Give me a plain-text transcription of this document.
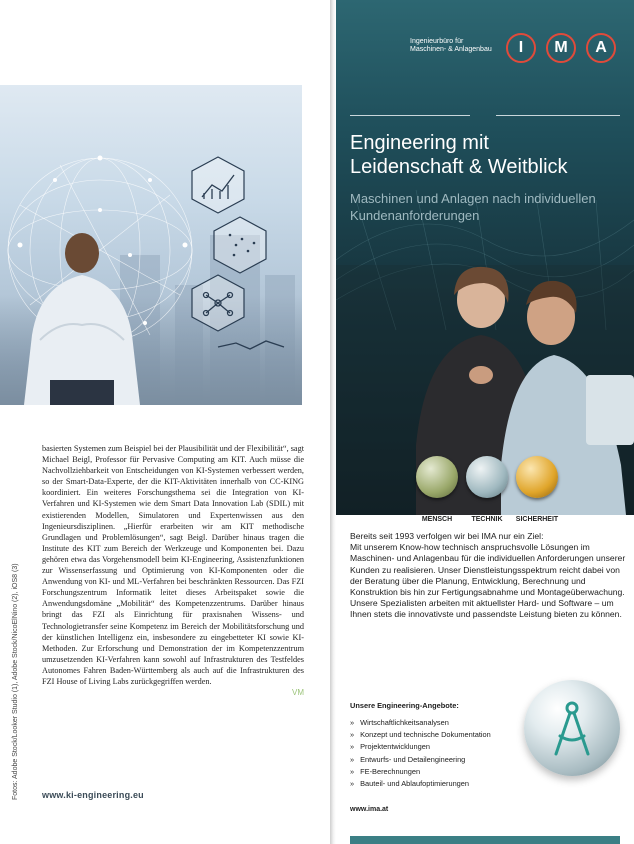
basierten Systemen zum Beispiel bei der Plausibilität und der Flexibilität“, sagt Michael Beigl, Professor für Pervasive Computing am KIT. Auch müsse die Nachvollziehbarkeit von Entscheidungen von KI-Systemen verbessert werden, so der Smart-Data-Experte, der die KIT-Aktivitäten innerhalb von CC-KING koordiniert. Ein weiteres Forschungsthema sei die Integration von KI-Verfahren und KI-Systemen wie dem Smart Data Innovation Lab (SDIL) mit existierenden Modellen, Simulatoren und Expertenwissen aus den Ingenieursdisziplinen. „Hierfür erarbeiten wir am KIT methodische Grundlagen und Problemlösungen“, sagt Beigl. Darüber hinaus tragen die Institute des KIT zum Bereich der Werkzeuge und Komponenten bei. Dazu gehören etwa das Vorgehensmodell beim KI-Engineering, Assistenzfunktionen zur Wissenserfassung und Optimierung von KI-Komponenten oder die Anwendung von KI- und ML-Verfahren bei beschränkten Ressourcen. Das FZI Forschungszentrum Informatik leitet dieses Arbeitspaket sowie die Anwendungsdomäne „Mobilität“ des Kompetenzzentrums. Darüber hinaus bringt das FZI als Einrichtung für praxisnahen Wissens- und Technologietransfer seine Kompetenz im Bereich der Mobilitätsforschung und der künstlichen Intelligenz ein, insbesondere zu eingebetteter KI sowie KI-Methoden. Zur Erforschung und Demonstration der im Kompetenzzentrum umzusetzenden KI-Verfahren kann sowohl auf Infrastrukturen des Testfeldes Autonomes Fahren Baden-Württemberg als auch auf die Infrastrukturen des FZI House of Living Labs zurückgegriffen werden.

VM

www.ki-engineering.eu
Fotos: Adobe Stock/Looker Studio (1), Adobe Stock/NicoElNino (2), iOS8 (3)
Ingenieurbüro für
Maschinen- & Anlagenbau	I	M	A
Engineering mit
Leidenschaft & Weitblick
Maschinen und Anlagen nach individuellen Kundenanforderungen
MENSCH	TECHNIK	SICHERHEIT

Bereits seit 1993 verfolgen wir bei IMA nur ein Ziel:

Mit unserem Know-how technisch anspruchsvolle Lösungen im Maschinen- und Anlagenbau für die individuellen Anforderungen unserer Kunden zu realisieren. Unser Dienstleistungsspektrum reicht dabei von der Beratung über die Planung, Entwicklung, Berechnung und Konstruktion bis hin zur Fertigungsabnahme und Montageüberwachung. Unsere Spezialisten arbeiten mit aktuellster Hard- und Software – um Ihnen stets die innovativste und passendste Leistung bieten zu können.

Unsere Engineering-Angebote:
» Wirtschaftlichkeitsanalysen
» Konzept und technische Dokumentation
» Projektentwicklungen
» Entwurfs- und Detailengineering
» FE-Berechnungen
» Bauteil- und Ablaufoptimierungen
www.ima.at
